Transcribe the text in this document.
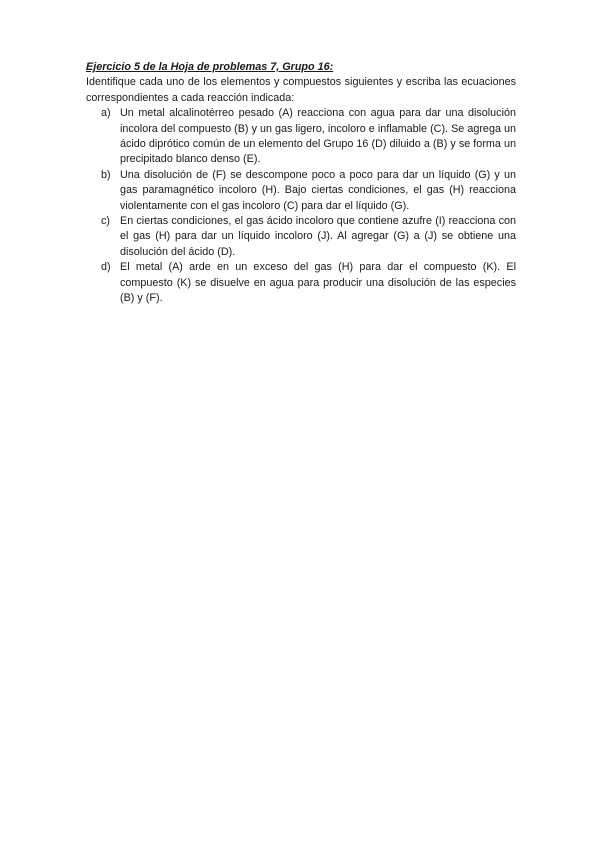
Ejercicio 5 de la Hoja de problemas 7, Grupo 16:

Identifique cada uno de los elementos y compuestos siguientes y escriba las ecuaciones correspondientes a cada reacción indicada:

a) Un metal alcalinotérreo pesado (A) reacciona con agua para dar una disolución incolora del compuesto (B) y un gas ligero, incoloro e inflamable (C). Se agrega un ácido diprótico común de un elemento del Grupo 16 (D) diluido a (B) y se forma un precipitado blanco denso (E).
b) Una disolución de (F) se descompone poco a poco para dar un líquido (G) y un gas paramagnético incoloro (H). Bajo ciertas condiciones, el gas (H) reacciona violentamente con el gas incoloro (C) para dar el líquido (G).
c) En ciertas condiciones, el gas ácido incoloro que contiene azufre (I) reacciona con el gas (H) para dar un líquido incoloro (J). Al agregar (G) a (J) se obtiene una disolución del ácido (D).
d) El metal (A) arde en un exceso del gas (H) para dar el compuesto (K). El compuesto (K) se disuelve en agua para producir una disolución de las especies (B) y (F).
